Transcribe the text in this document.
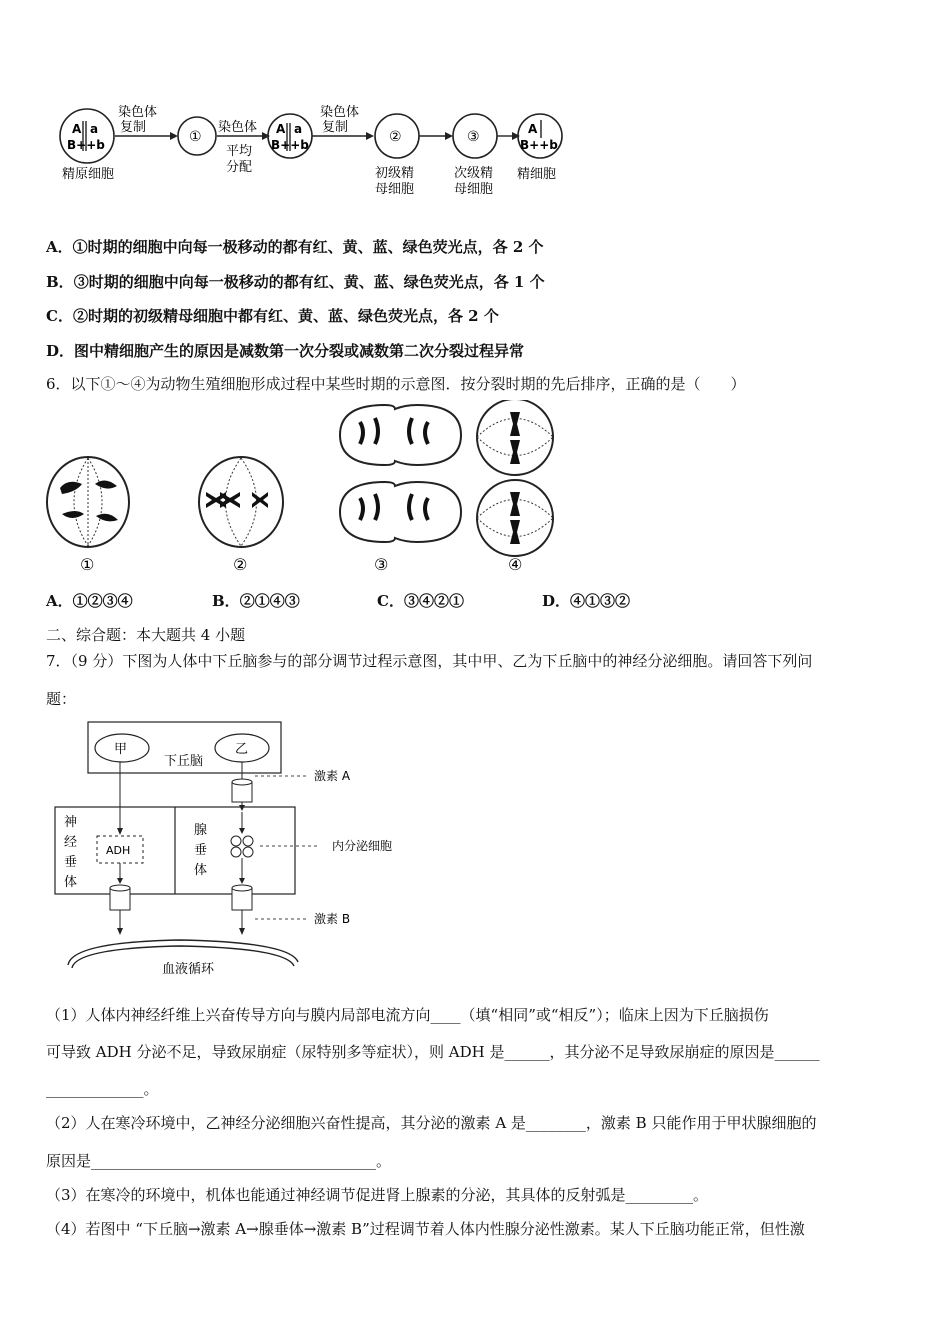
A a
B++b
精原细胞
染色体
复制
①
染色体
平均
分配
A a
B++b
染色体
复制
②
初级精
母细胞
③
次级精
母细胞
A
B++b
精细胞
A．①时期的细胞中向每一极移动的都有红、黄、蓝、绿色荧光点，各 2 个
B．③时期的细胞中向每一极移动的都有红、黄、蓝、绿色荧光点，各 1 个
C．②时期的初级精母细胞中都有红、黄、蓝、绿色荧光点，各 2 个
D．图中精细胞产生的原因是减数第一次分裂或减数第二次分裂过程异常
6．以下①～④为动物生殖细胞形成过程中某些时期的示意图．按分裂时期的先后排序，正确的是（　　）
①	②	③	④
A．①②③④	B．②①④③	C．③④②①	D．④①③②
二、综合题：本大题共 4 小题
7．（9 分）下图为人体中下丘脑参与的部分调节过程示意图，其中甲、乙为下丘脑中的神经分泌细胞。请回答下列问
题：
甲	乙
下丘脑
激素 A
神
经
垂
体
腺
垂
体
ADH	内分泌细胞
激素 B
血液循环
（1）人体内神经纤维上兴奋传导方向与膜内局部电流方向____（填“相同”或“相反”）；临床上因为下丘脑损伤
可导致 ADH 分泌不足，导致尿崩症（尿特别多等症状），则 ADH 是______，其分泌不足导致尿崩症的原因是______
_____________。
（2）人在寒冷环境中，乙神经分泌细胞兴奋性提高，其分泌的激素 A 是________，激素 B 只能作用于甲状腺细胞的
原因是______________________________________。
（3）在寒冷的环境中，机体也能通过神经调节促进肾上腺素的分泌，其具体的反射弧是_________。
（4）若图中 “下丘脑→激素 A→腺垂体→激素 B”过程调节着人体内性腺分泌性激素。某人下丘脑功能正常，但性激
